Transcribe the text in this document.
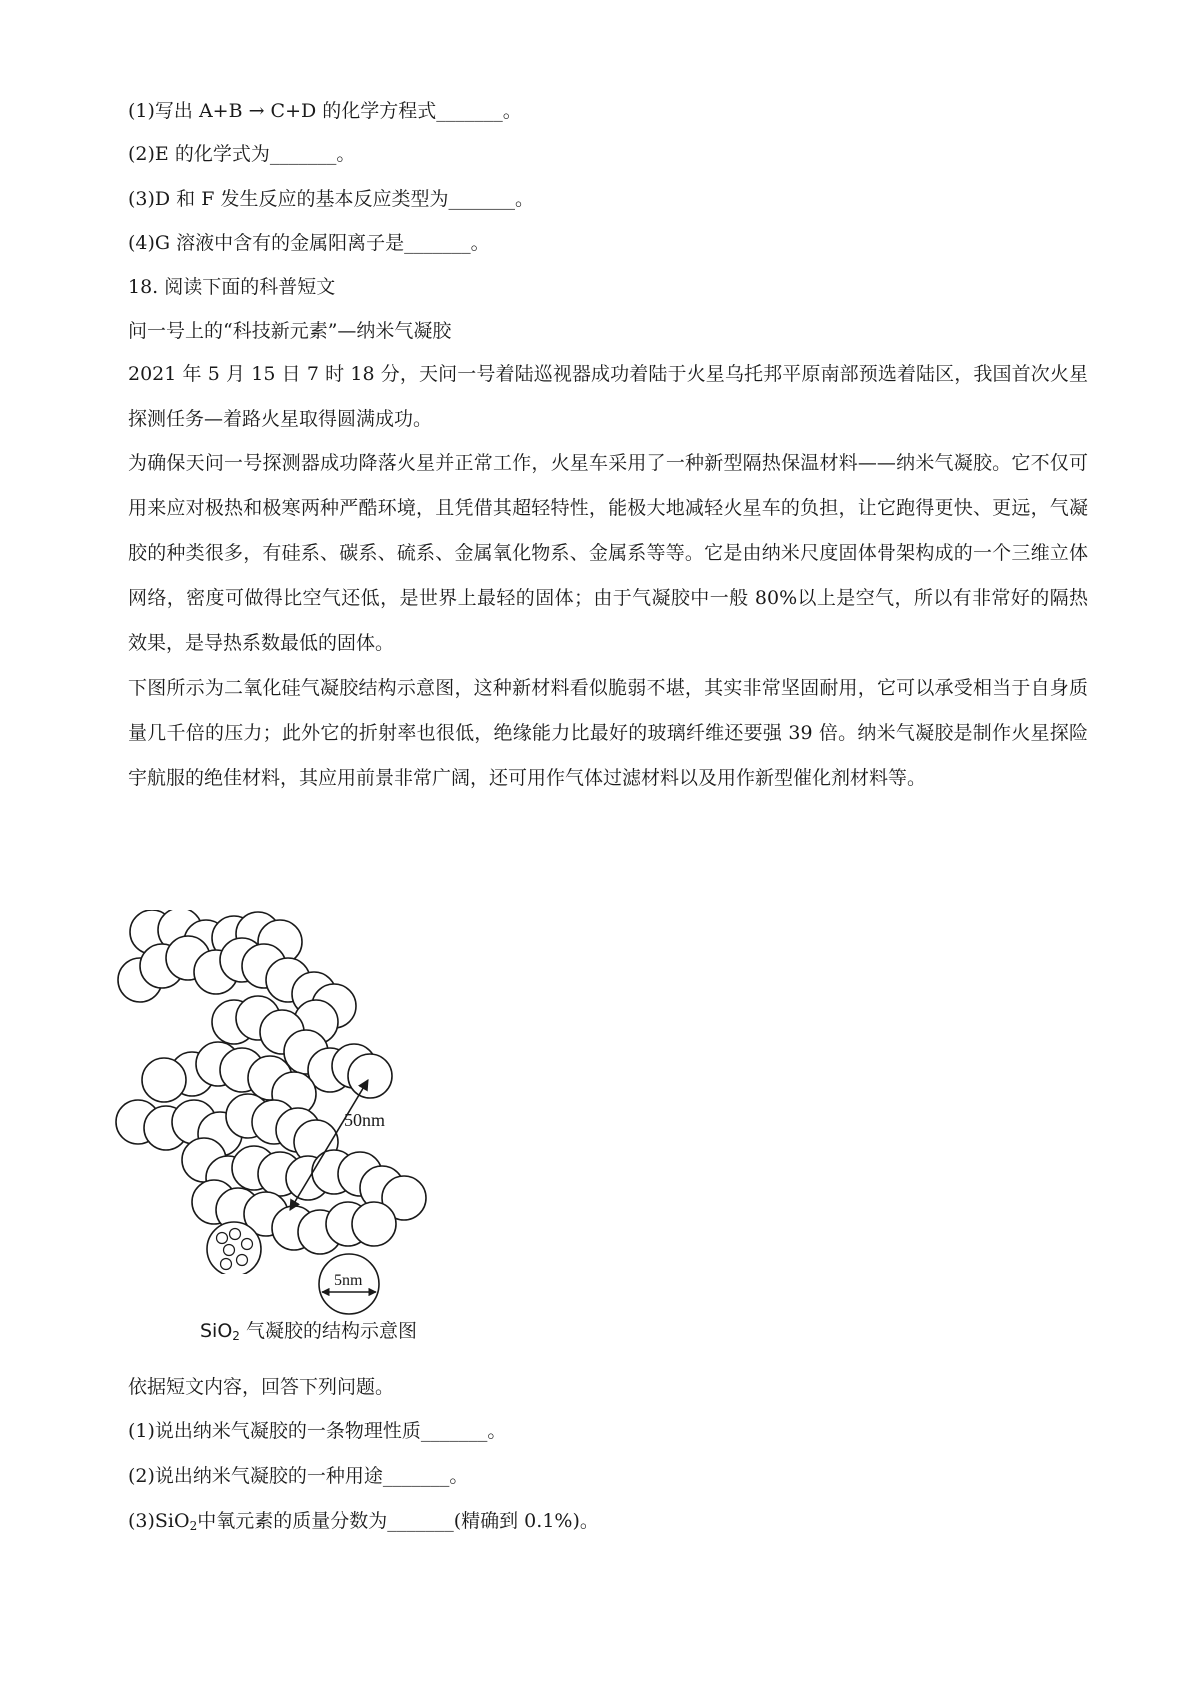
(1)写出 A+B → C+D 的化学方程式_______。
(2)E 的化学式为_______。
(3)D 和 F 发生反应的基本反应类型为_______。
(4)G 溶液中含有的金属阳离子是_______。
18. 阅读下面的科普短文
问一号上的“科技新元素”—纳米气凝胶
2021 年 5 月 15 日 7 时 18 分，天问一号着陆巡视器成功着陆于火星乌托邦平原南部预选着陆区，我国首次火星探测任务—着路火星取得圆满成功。
为确保天问一号探测器成功降落火星并正常工作，火星车采用了一种新型隔热保温材料——纳米气凝胶。它不仅可用来应对极热和极寒两种严酷环境，且凭借其超轻特性，能极大地减轻火星车的负担，让它跑得更快、更远，气凝胶的种类很多，有硅系、碳系、硫系、金属氧化物系、金属系等等。它是由纳米尺度固体骨架构成的一个三维立体网络，密度可做得比空气还低，是世界上最轻的固体；由于气凝胶中一般 80%以上是空气，所以有非常好的隔热效果，是导热系数最低的固体。
下图所示为二氧化硅气凝胶结构示意图，这种新材料看似脆弱不堪，其实非常坚固耐用，它可以承受相当于自身质量几千倍的压力；此外它的折射率也很低，绝缘能力比最好的玻璃纤维还要强 39 倍。纳米气凝胶是制作火星探险宇航服的绝佳材料，其应用前景非常广阔，还可用作气体过滤材料以及用作新型催化剂材料等。
50nm
5nm
SiO$_2$ 气凝胶的结构示意图
依据短文内容，回答下列问题。
(1)说出纳米气凝胶的一条物理性质_______。
(2)说出纳米气凝胶的一种用途_______。
(3)SiO$_2$中氧元素的质量分数为_______(精确到 0.1%)。
